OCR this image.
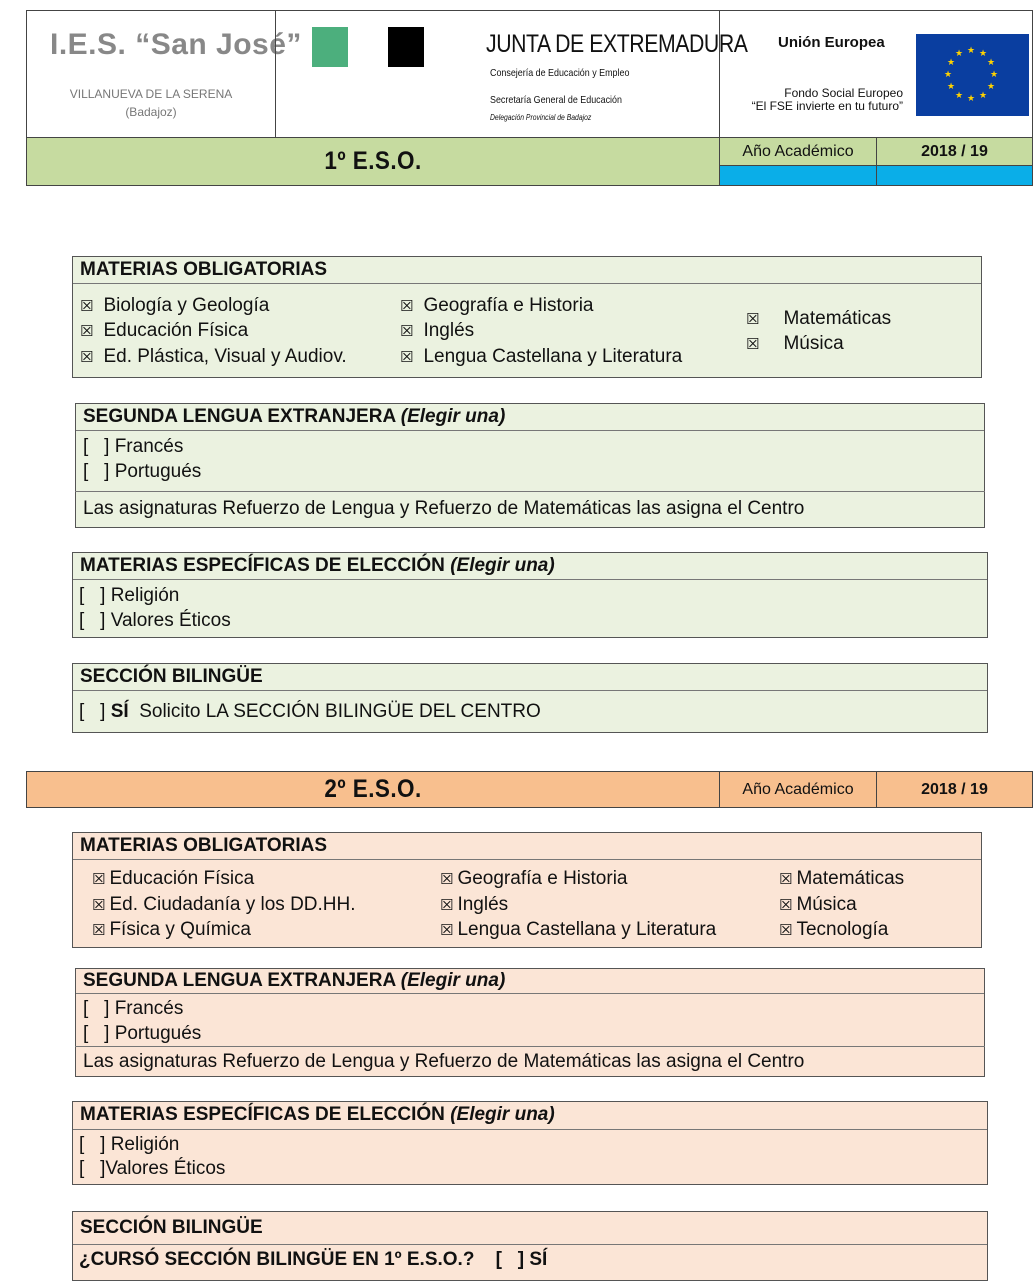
I.E.S. “San José”
VILLANUEVA DE LA SERENA
(Badajoz)
JUNTA DE EXTREMADURA
Consejería de Educación y Empleo
Secretaría General de Educación
Delegación Provincial de Badajoz
Unión Europea
Fondo Social Europeo
“El FSE invierte en tu futuro”
★ ★
★
★
★
★
★
★
★
★
★
★
1º E.S.O.	Año Académico	2018 / 19
MATERIAS OBLIGATORIAS
☒ Biología y Geología
☒ Educación Física
☒ Ed. Plástica, Visual y Audiov.
☒ Geografía e Historia
☒ Inglés
☒ Lengua Castellana y Literatura
☒ Matemáticas
☒ Música
SEGUNDA LENGUA EXTRANJERA (Elegir una)
[   ] Francés
[   ] Portugués
Las asignaturas Refuerzo de Lengua y Refuerzo de Matemáticas las asigna el Centro
MATERIAS ESPECÍFICAS DE ELECCIÓN (Elegir una)
[   ] Religión
[   ] Valores Éticos
SECCIÓN BILINGÜE
[   ] SÍ Solicito LA SECCIÓN BILINGÜE DEL CENTRO
2º E.S.O.	Año Académico	2018 / 19
MATERIAS OBLIGATORIAS
☒ Educación Física
☒ Ed. Ciudadanía y los DD.HH.
☒ Física y Química
☒ Geografía e Historia
☒ Inglés
☒ Lengua Castellana y Literatura
☒ Matemáticas
☒ Música
☒ Tecnología
SEGUNDA LENGUA EXTRANJERA (Elegir una)
[   ] Francés
[   ] Portugués
Las asignaturas Refuerzo de Lengua y Refuerzo de Matemáticas las asigna el Centro
MATERIAS ESPECÍFICAS DE ELECCIÓN (Elegir una)
[   ] Religión
[   ]Valores Éticos
SECCIÓN BILINGÜE
¿CURSÓ SECCIÓN BILINGÜE EN 1º E.S.O.? [   ] SÍ
